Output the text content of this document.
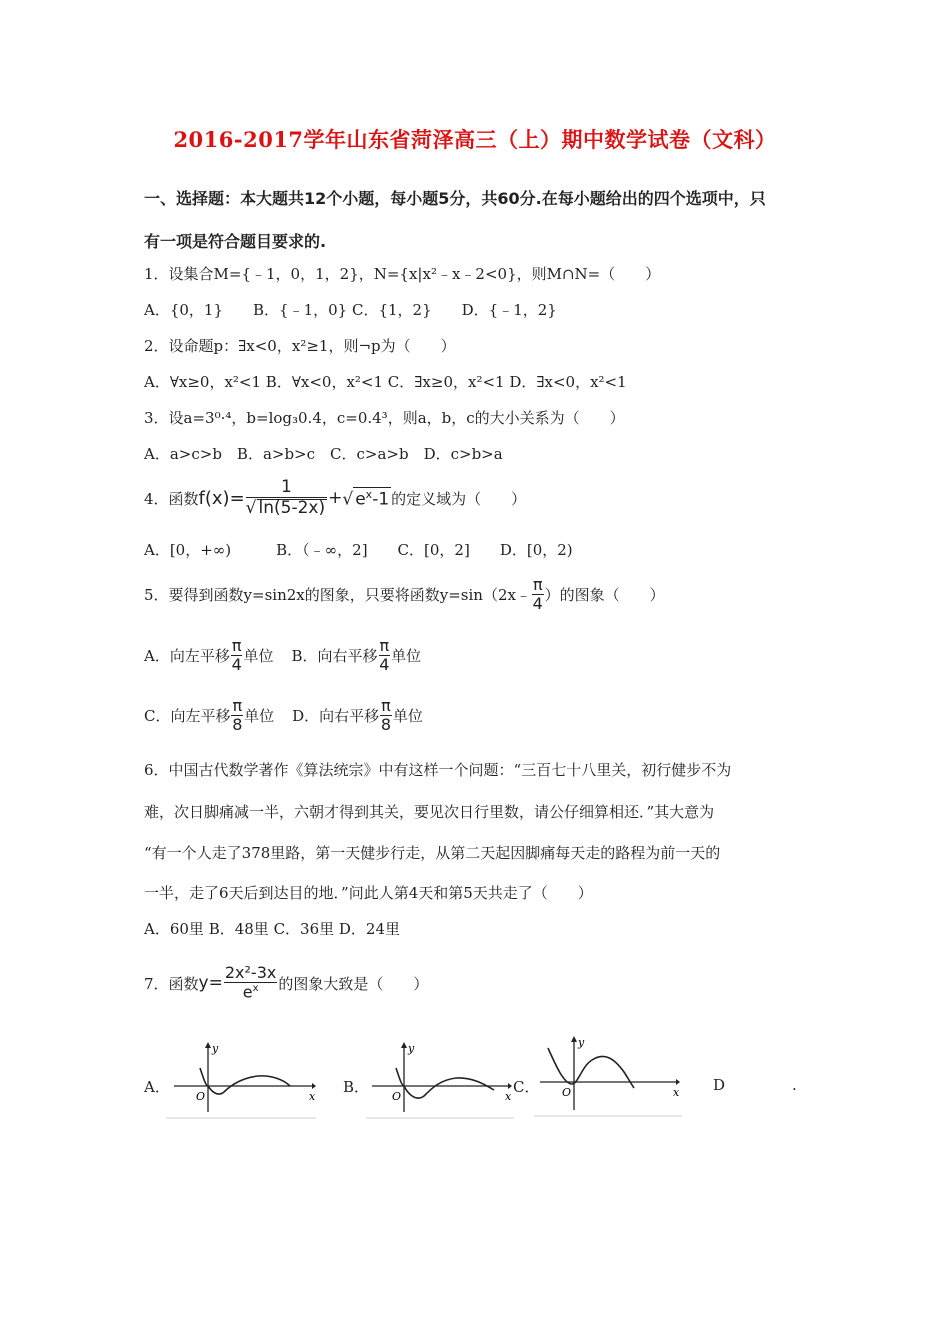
2016-2017学年山东省菏泽高三（上）期中数学试卷（文科）
一、选择题：本大题共12个小题，每小题5分，共60分.在每小题给出的四个选项中，只
有一项是符合题目要求的.
1．设集合M={﹣1，0，1，2}，N={x|x²﹣x﹣2<0}，则M∩N=（　　）
A．{0，1}　　B．{﹣1，0} C．{1，2}　　D．{﹣1，2}
2．设命题p：∃x<0，x²≥1，则¬p为（　　）
A．∀x≥0，x²<1 B．∀x<0，x²<1 C．∃x≥0，x²<1 D．∃x<0，x²<1
3．设a=3⁰·⁴，b=log₃0.4，c=0.4³，则a，b，c的大小关系为（　　）
A．a>c>b　B．a>b>c　C．c>a>b　D．c>b>a
4．函数 $f(x)= \frac{1}{√ \ln(5-2x)}$ + √ $e^x-1$ 的定义域为（　　）
A．[0，+∞)　　　B．（﹣∞，2]　　C．[0，2]　　D．[0，2)
5．要得到函数y=sin2x的图象，只要将函数y=sin（2x﹣ $\frac{\pi}{4}$ ）的图象（　　）
A．向左平移 $\frac{\pi}{4}$ 单位 B．向右平移 $\frac{\pi}{4}$ 单位
C．向左平移 $\frac{\pi}{8}$ 单位 D．向右平移 $\frac{\pi}{8}$ 单位
6．中国古代数学著作《算法统宗》中有这样一个问题：“三百七十八里关，初行健步不为
难，次日脚痛减一半，六朝才得到其关，要见次日行里数，请公仔细算相还．”其大意为
“有一个人走了378里路，第一天健步行走，从第二天起因脚痛每天走的路程为前一天的
一半，走了6天后到达目的地．”问此人第4天和第5天共走了（　　）
A．60里 B．48里 C．36里 D．24里
7．函数 $y= \frac{\text{2x²-3x}}{e^x}$ 的图象大致是（　　）
A．
y
x
O
B．
y
x
O
C．
y
x
O	D	.
